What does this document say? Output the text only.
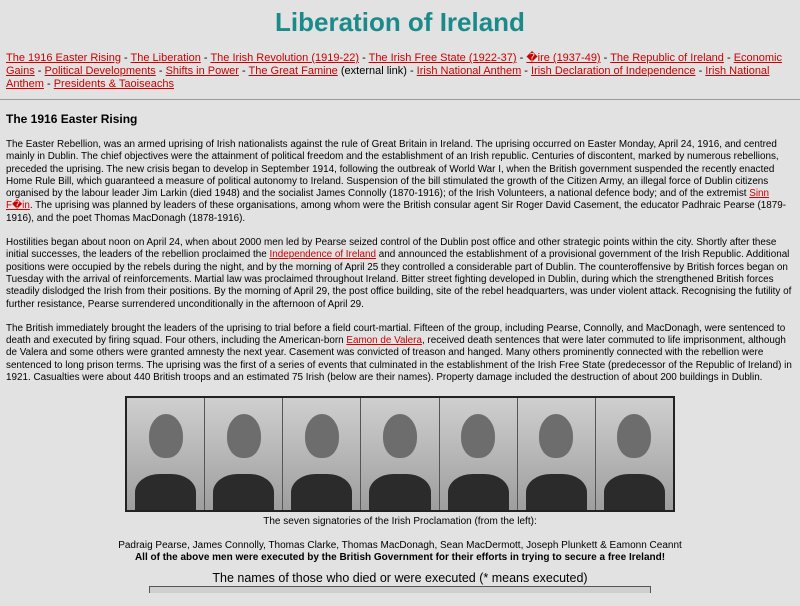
Liberation of Ireland
The 1916 Easter Rising - The Liberation - The Irish Revolution (1919-22) - The Irish Free State (1922-37) - �ire (1937-49) - The Republic of Ireland - Economic Gains - Political Developments - Shifts in Power - The Great Famine (external link) - Irish National Anthem - Irish Declaration of Independence - Irish National Anthem - Presidents & Taoiseachs
The 1916 Easter Rising

The Easter Rebellion, was an armed uprising of Irish nationalists against the rule of Great Britain in Ireland. The uprising occurred on Easter Monday, April 24, 1916, and centred mainly in Dublin. The chief objectives were the attainment of political freedom and the establishment of an Irish republic. Centuries of discontent, marked by numerous rebellions, preceded the uprising. The new crisis began to develop in September 1914, following the outbreak of World War I, when the British government suspended the recently enacted Home Rule Bill, which guaranteed a measure of political autonomy to Ireland. Suspension of the bill stimulated the growth of the Citizen Army, an illegal force of Dublin citizens organised by the labour leader Jim Larkin (died 1948) and the socialist James Connolly (1870-1916); of the Irish Volunteers, a national defence body; and of the extremist Sinn F�in. The uprising was planned by leaders of these organisations, among whom were the British consular agent Sir Roger David Casement, the educator Padhraic Pearse (1879-1916), and the poet Thomas MacDonagh (1878-1916).

Hostilities began about noon on April 24, when about 2000 men led by Pearse seized control of the Dublin post office and other strategic points within the city. Shortly after these initial successes, the leaders of the rebellion proclaimed the Independence of Ireland and announced the establishment of a provisional government of the Irish Republic. Additional positions were occupied by the rebels during the night, and by the morning of April 25 they controlled a considerable part of Dublin. The counteroffensive by British forces began on Tuesday with the arrival of reinforcements. Martial law was proclaimed throughout Ireland. Bitter street fighting developed in Dublin, during which the strengthened British forces steadily dislodged the Irish from their positions. By the morning of April 29, the post office building, site of the rebel headquarters, was under violent attack. Recognising the futility of further resistance, Pearse surrendered unconditionally in the afternoon of April 29.

The British immediately brought the leaders of the uprising to trial before a field court-martial. Fifteen of the group, including Pearse, Connolly, and MacDonagh, were sentenced to death and executed by firing squad. Four others, including the American-born Eamon de Valera, received death sentences that were later commuted to life imprisonment, although de Valera and some others were granted amnesty the next year. Casement was convicted of treason and hanged. Many others prominently connected with the rebellion were sentenced to long prison terms. The uprising was the first of a series of events that culminated in the establishment of the Irish Free State (predecessor of the Republic of Ireland) in 1921. Casualties were about 440 British troops and an estimated 75 Irish (below are their names). Property damage included the destruction of about 200 buildings in Dublin.

The seven signatories of the Irish Proclamation (from the left):
Padraig Pearse, James Connolly, Thomas Clarke, Thomas MacDonagh, Sean MacDermott, Joseph Plunkett & Eamonn Ceannt
All of the above men were executed by the British Government for their efforts in trying to secure a free Ireland!
The names of those who died or were executed (* means executed)
